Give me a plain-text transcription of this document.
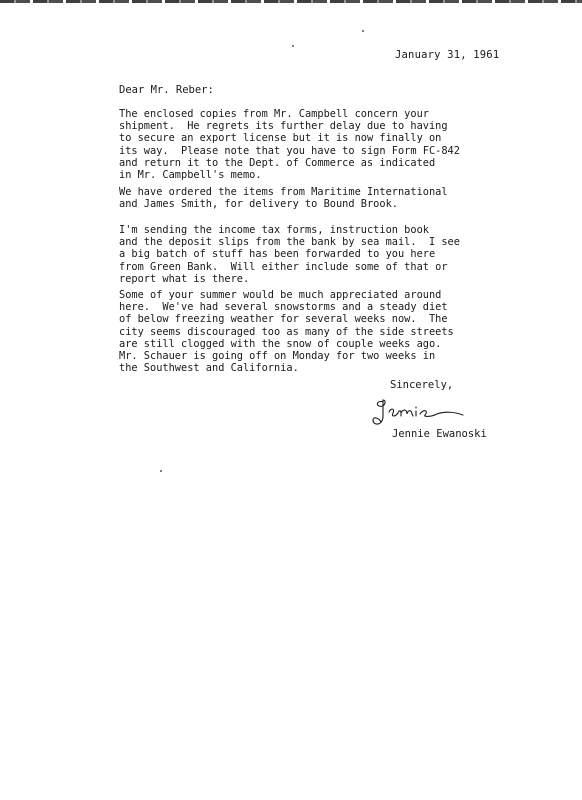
January 31, 1961
Dear Mr. Reber:

The enclosed copies from Mr. Campbell concern your
shipment.  He regrets its further delay due to having
to secure an export license but it is now finally on
its way.  Please note that you have to sign Form FC-842
and return it to the Dept. of Commerce as indicated
in Mr. Campbell's memo.

We have ordered the items from Maritime International
and James Smith, for delivery to Bound Brook.

I'm sending the income tax forms, instruction book
and the deposit slips from the bank by sea mail.  I see
a big batch of stuff has been forwarded to you here
from Green Bank.  Will either include some of that or
report what is there.

Some of your summer would be much appreciated around
here.  We've had several snowstorms and a steady diet
of below freezing weather for several weeks now.  The
city seems discouraged too as many of the side streets
are still clogged with the snow of couple weeks ago.
Mr. Schauer is going off on Monday for two weeks in
the Southwest and California.

Sincerely,
Jennie Ewanoski
